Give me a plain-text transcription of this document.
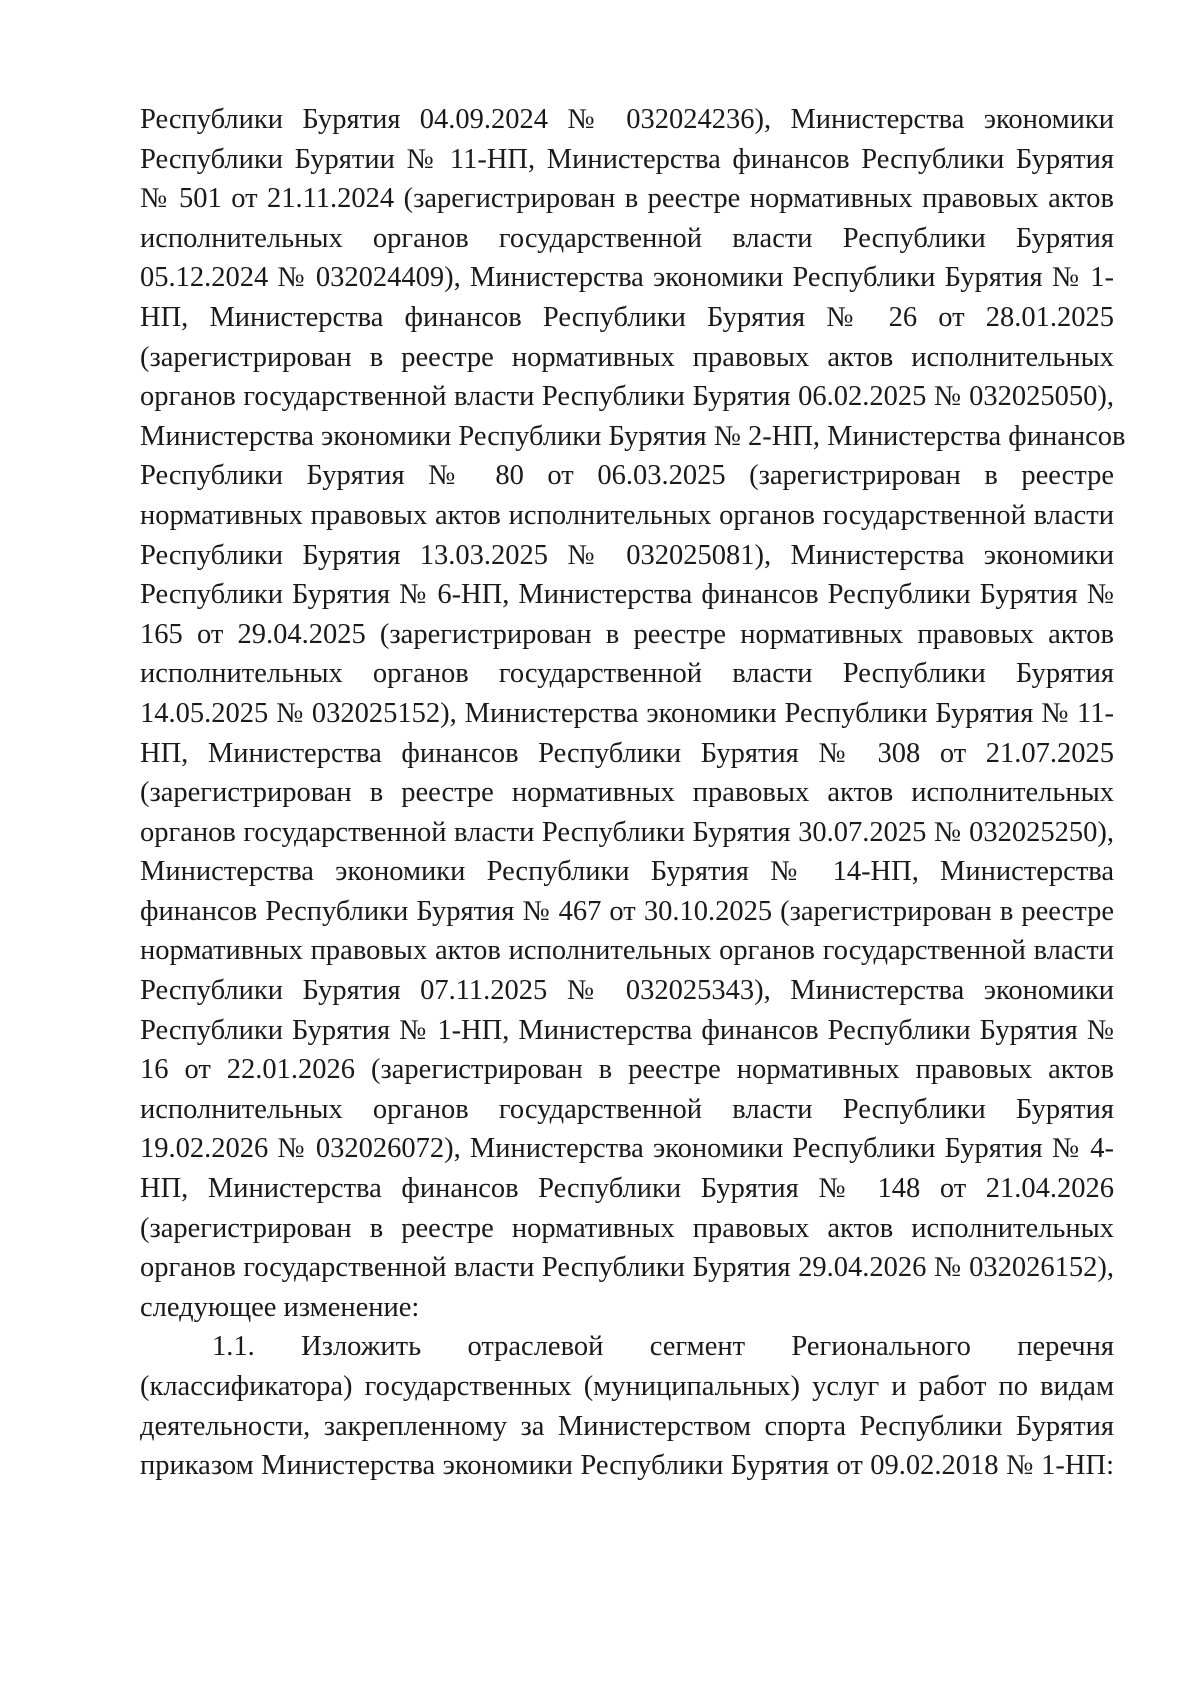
Республики Бурятия 04.09.2024 № 032024236), Министерства экономики
Республики Бурятии № 11-НП, Министерства финансов Республики Бурятия
№ 501 от 21.11.2024 (зарегистрирован в реестре нормативных правовых актов
исполнительных органов государственной власти Республики Бурятия
05.12.2024 № 032024409), Министерства экономики Республики Бурятия № 1-
НП, Министерства финансов Республики Бурятия № 26 от 28.01.2025
(зарегистрирован в реестре нормативных правовых актов исполнительных
органов государственной власти Республики Бурятия 06.02.2025 № 032025050),
Министерства экономики Республики Бурятия № 2-НП, Министерства финансов
Республики Бурятия № 80 от 06.03.2025 (зарегистрирован в реестре
нормативных правовых актов исполнительных органов государственной власти
Республики Бурятия 13.03.2025 № 032025081), Министерства экономики
Республики Бурятия № 6-НП, Министерства финансов Республики Бурятия №
165 от 29.04.2025 (зарегистрирован в реестре нормативных правовых актов
исполнительных органов государственной власти Республики Бурятия
14.05.2025 № 032025152), Министерства экономики Республики Бурятия № 11-
НП, Министерства финансов Республики Бурятия № 308 от 21.07.2025
(зарегистрирован в реестре нормативных правовых актов исполнительных
органов государственной власти Республики Бурятия 30.07.2025 № 032025250),
Министерства экономики Республики Бурятия № 14-НП, Министерства
финансов Республики Бурятия № 467 от 30.10.2025 (зарегистрирован в реестре
нормативных правовых актов исполнительных органов государственной власти
Республики Бурятия 07.11.2025 № 032025343), Министерства экономики
Республики Бурятия № 1-НП, Министерства финансов Республики Бурятия №
16 от 22.01.2026 (зарегистрирован в реестре нормативных правовых актов
исполнительных органов государственной власти Республики Бурятия
19.02.2026 № 032026072), Министерства экономики Республики Бурятия № 4-
НП, Министерства финансов Республики Бурятия № 148 от 21.04.2026
(зарегистрирован в реестре нормативных правовых актов исполнительных
органов государственной власти Республики Бурятия 29.04.2026 № 032026152),
следующее изменение:
1.1. Изложить отраслевой сегмент Регионального перечня
(классификатора) государственных (муниципальных) услуг и работ по видам
деятельности, закрепленному за Министерством спорта Республики Бурятия
приказом Министерства экономики Республики Бурятия от 09.02.2018 № 1-НП:
